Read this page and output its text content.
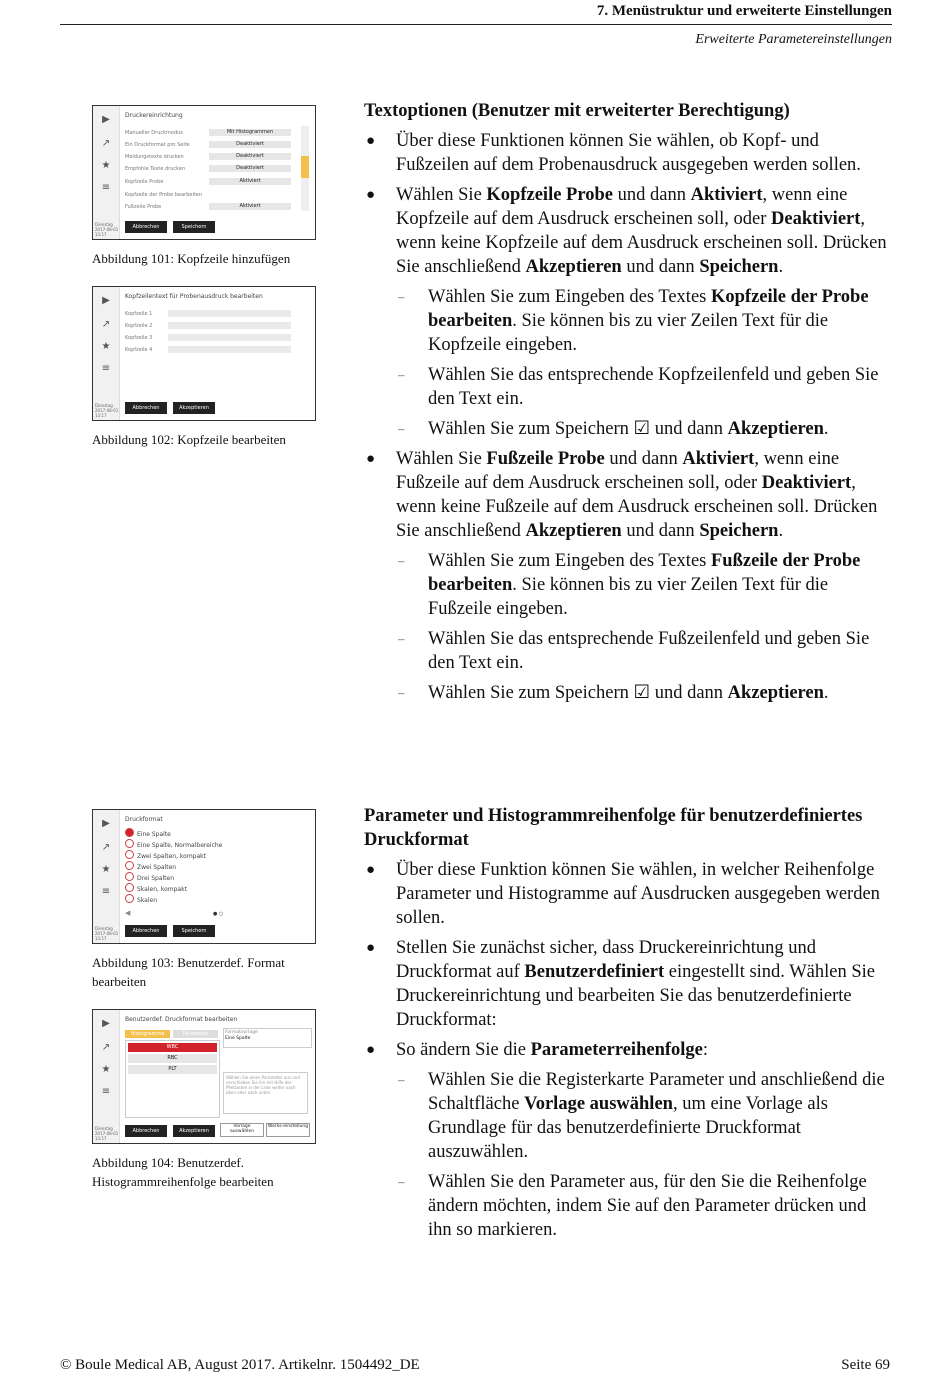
7. Menüstruktur und erweiterte Einstellungen
Erweiterte Parametereinstellungen
▶
↗
★
≡
Dienstag 2017-08-01 13:17
Druckereinrichtung
Manueller Druckmodus	Mit Histogrammen
Ein Druckformat pro Seite	Deaktiviert
Meldungstexte drucken	Deaktiviert
Empfohle Texte drucken	Deaktiviert
Kopfzeile Probe	Aktiviert
Kopfzeile der Probe bearbeiten
Fußzeile Probe	Aktiviert
Abbrechen	Speichern
Abbildung 101: Kopfzeile hinzufügen
▶
↗
★
≡
Dienstag 2017-08-01 13:17
Kopfzeilentext für Probenausdruck bearbeiten
Kopfzeile 1
Kopfzeile 2
Kopfzeile 3
Kopfzeile 4
Abbrechen	Akzeptieren
Abbildung 102: Kopfzeile bearbeiten
▶
↗
★
≡
Dienstag 2017-08-01 13:17
Druckformat
Eine Spalte
Eine Spalte, Normalbereiche
Zwei Spalten, kompakt
Zwei Spalten
Drei Spalten
Skalen, kompakt
Skalen
◀	● ○
Abbrechen	Speichern
Abbildung 103: Benutzerdef. Format bearbeiten
▶
↗
★
≡
Dienstag 2017-08-01 13:17
Benutzerdef. Druckformat bearbeiten
Histogramme	Parameter
WBC
RBC
PLT
Formatvorlage
Eine Spalte
Wählen Sie einen Parameter aus und verschieben Sie ihn mit Hilfe der Pfeiltasten in der Liste weiter nach oben oder nach unten
Abbrechen	Akzeptieren
Vorlage auswählen
Werks-einstellung
Abbildung 104: Benutzerdef. Histogrammreihenfolge bearbeiten

Textoptionen (Benutzer mit erweiterter Berechtigung)

● Über diese Funktionen können Sie wählen, ob Kopf- und Fußzeilen auf dem Probenausdruck ausgegeben werden sollen.
● Wählen Sie Kopfzeile Probe und dann Aktiviert, wenn eine Kopfzeile auf dem Ausdruck erscheinen soll, oder Deaktiviert, wenn keine Kopfzeile auf dem Ausdruck erscheinen soll. Drücken Sie anschließend Akzeptieren und dann Speichern.
– Wählen Sie zum Eingeben des Textes Kopfzeile der Probe bearbeiten. Sie können bis zu vier Zeilen Text für die Kopfzeile eingeben.
– Wählen Sie das entsprechende Kopfzeilenfeld und geben Sie den Text ein.
– Wählen Sie zum Speichern ☑ und dann Akzeptieren.
● Wählen Sie Fußzeile Probe und dann Aktiviert, wenn eine Fußzeile auf dem Ausdruck erscheinen soll, oder Deaktiviert, wenn keine Fußzeile auf dem Ausdruck erscheinen soll. Drücken Sie anschließend Akzeptieren und dann Speichern.
– Wählen Sie zum Eingeben des Textes Fußzeile der Probe bearbeiten. Sie können bis zu vier Zeilen Text für die Fußzeile eingeben.
– Wählen Sie das entsprechende Fußzeilenfeld und geben Sie den Text ein.
– Wählen Sie zum Speichern ☑ und dann Akzeptieren.

Parameter und Histogrammreihenfolge für benutzerdefiniertes Druckformat

● Über diese Funktion können Sie wählen, in welcher Reihenfolge Parameter und Histogramme auf Ausdrucken ausgegeben werden sollen.
● Stellen Sie zunächst sicher, dass Druckereinrichtung und Druckformat auf Benutzerdefiniert eingestellt sind. Wählen Sie Druckereinrichtung und bearbeiten Sie das benutzerdefinierte Druckformat:
● So ändern Sie die Parameterreihenfolge:
– Wählen Sie die Registerkarte Parameter und anschließend die Schaltfläche Vorlage auswählen, um eine Vorlage als Grundlage für das benutzerdefinierte Druckformat auszuwählen.
– Wählen Sie den Parameter aus, für den Sie die Reihenfolge ändern möchten, indem Sie auf den Parameter drücken und ihn so markieren.
© Boule Medical AB, August 2017. Artikelnr. 1504492_DE	Seite 69
